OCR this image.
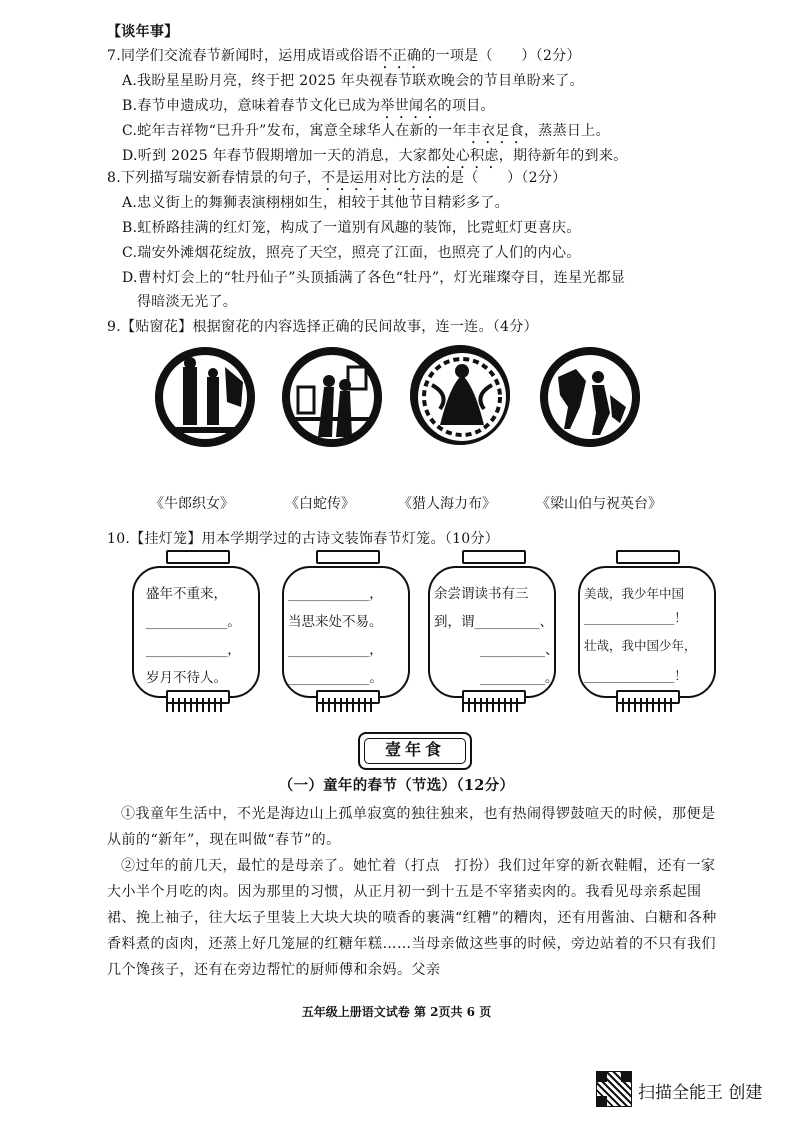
【谈年事】
7.同学们交流春节新闻时，运用成语或俗语不正确的一项是（　　）（2分）
A.我盼星星盼月亮，终于把 2025 年央视春节联欢晚会的节目单盼来了。
B.春节申遗成功，意味着春节文化已成为举世闻名的项目。
C.蛇年吉祥物“巳升升”发布，寓意全球华人在新的一年丰衣足食，蒸蒸日上。
D.听到 2025 年春节假期增加一天的消息，大家都处心积虑，期待新年的到来。
8.下列描写瑞安新春情景的句子，不是运用对比方法的是（　　）（2分）
A.忠义街上的舞狮表演栩栩如生，相较于其他节目精彩多了。
B.虹桥路挂满的红灯笼，构成了一道别有风趣的装饰，比霓虹灯更喜庆。
C.瑞安外滩烟花绽放，照亮了天空，照亮了江面，也照亮了人们的内心。
D.曹村灯会上的“牡丹仙子”头顶插满了各色“牡丹”，灯光璀璨夺目，连星光都显
得暗淡无光了。
9.【贴窗花】根据窗花的内容选择正确的民间故事，连一连。（4分）
《牛郎织女》	《白蛇传》	《猎人海力布》	《梁山伯与祝英台》
10.【挂灯笼】用本学期学过的古诗文装饰春节灯笼。（10分）
盛年不重来，
__________。
__________，
岁月不待人。
__________，
当思来处不易。
__________，
__________。
余尝谓读书有三
到，谓________、
________、
________。
美哉，我少年中国
____________！
壮哉，我中国少年，
____________！
壹年食
（一）童年的春节（节选）（12分）
①我童年生活中，不光是海边山上孤单寂寞的独往独来，也有热闹得锣鼓喧天的时候，那便是从前的“新年”，现在叫做“春节”的。
②过年的前几天，最忙的是母亲了。她忙着（打点　打扮）我们过年穿的新衣鞋帽，还有一家大小半个月吃的肉。因为那里的习惯，从正月初一到十五是不宰猪卖肉的。我看见母亲系起围裙、挽上袖子，往大坛子里装上大块大块的喷香的裹满“红糟”的糟肉，还有用酱油、白糖和各种香料煮的卤肉，还蒸上好几笼屉的红糖年糕……当母亲做这些事的时候，旁边站着的不只有我们几个馋孩子，还有在旁边帮忙的厨师傅和余妈。父亲
五年级上册语文试卷 第 2页共 6 页
扫描全能王 创建
